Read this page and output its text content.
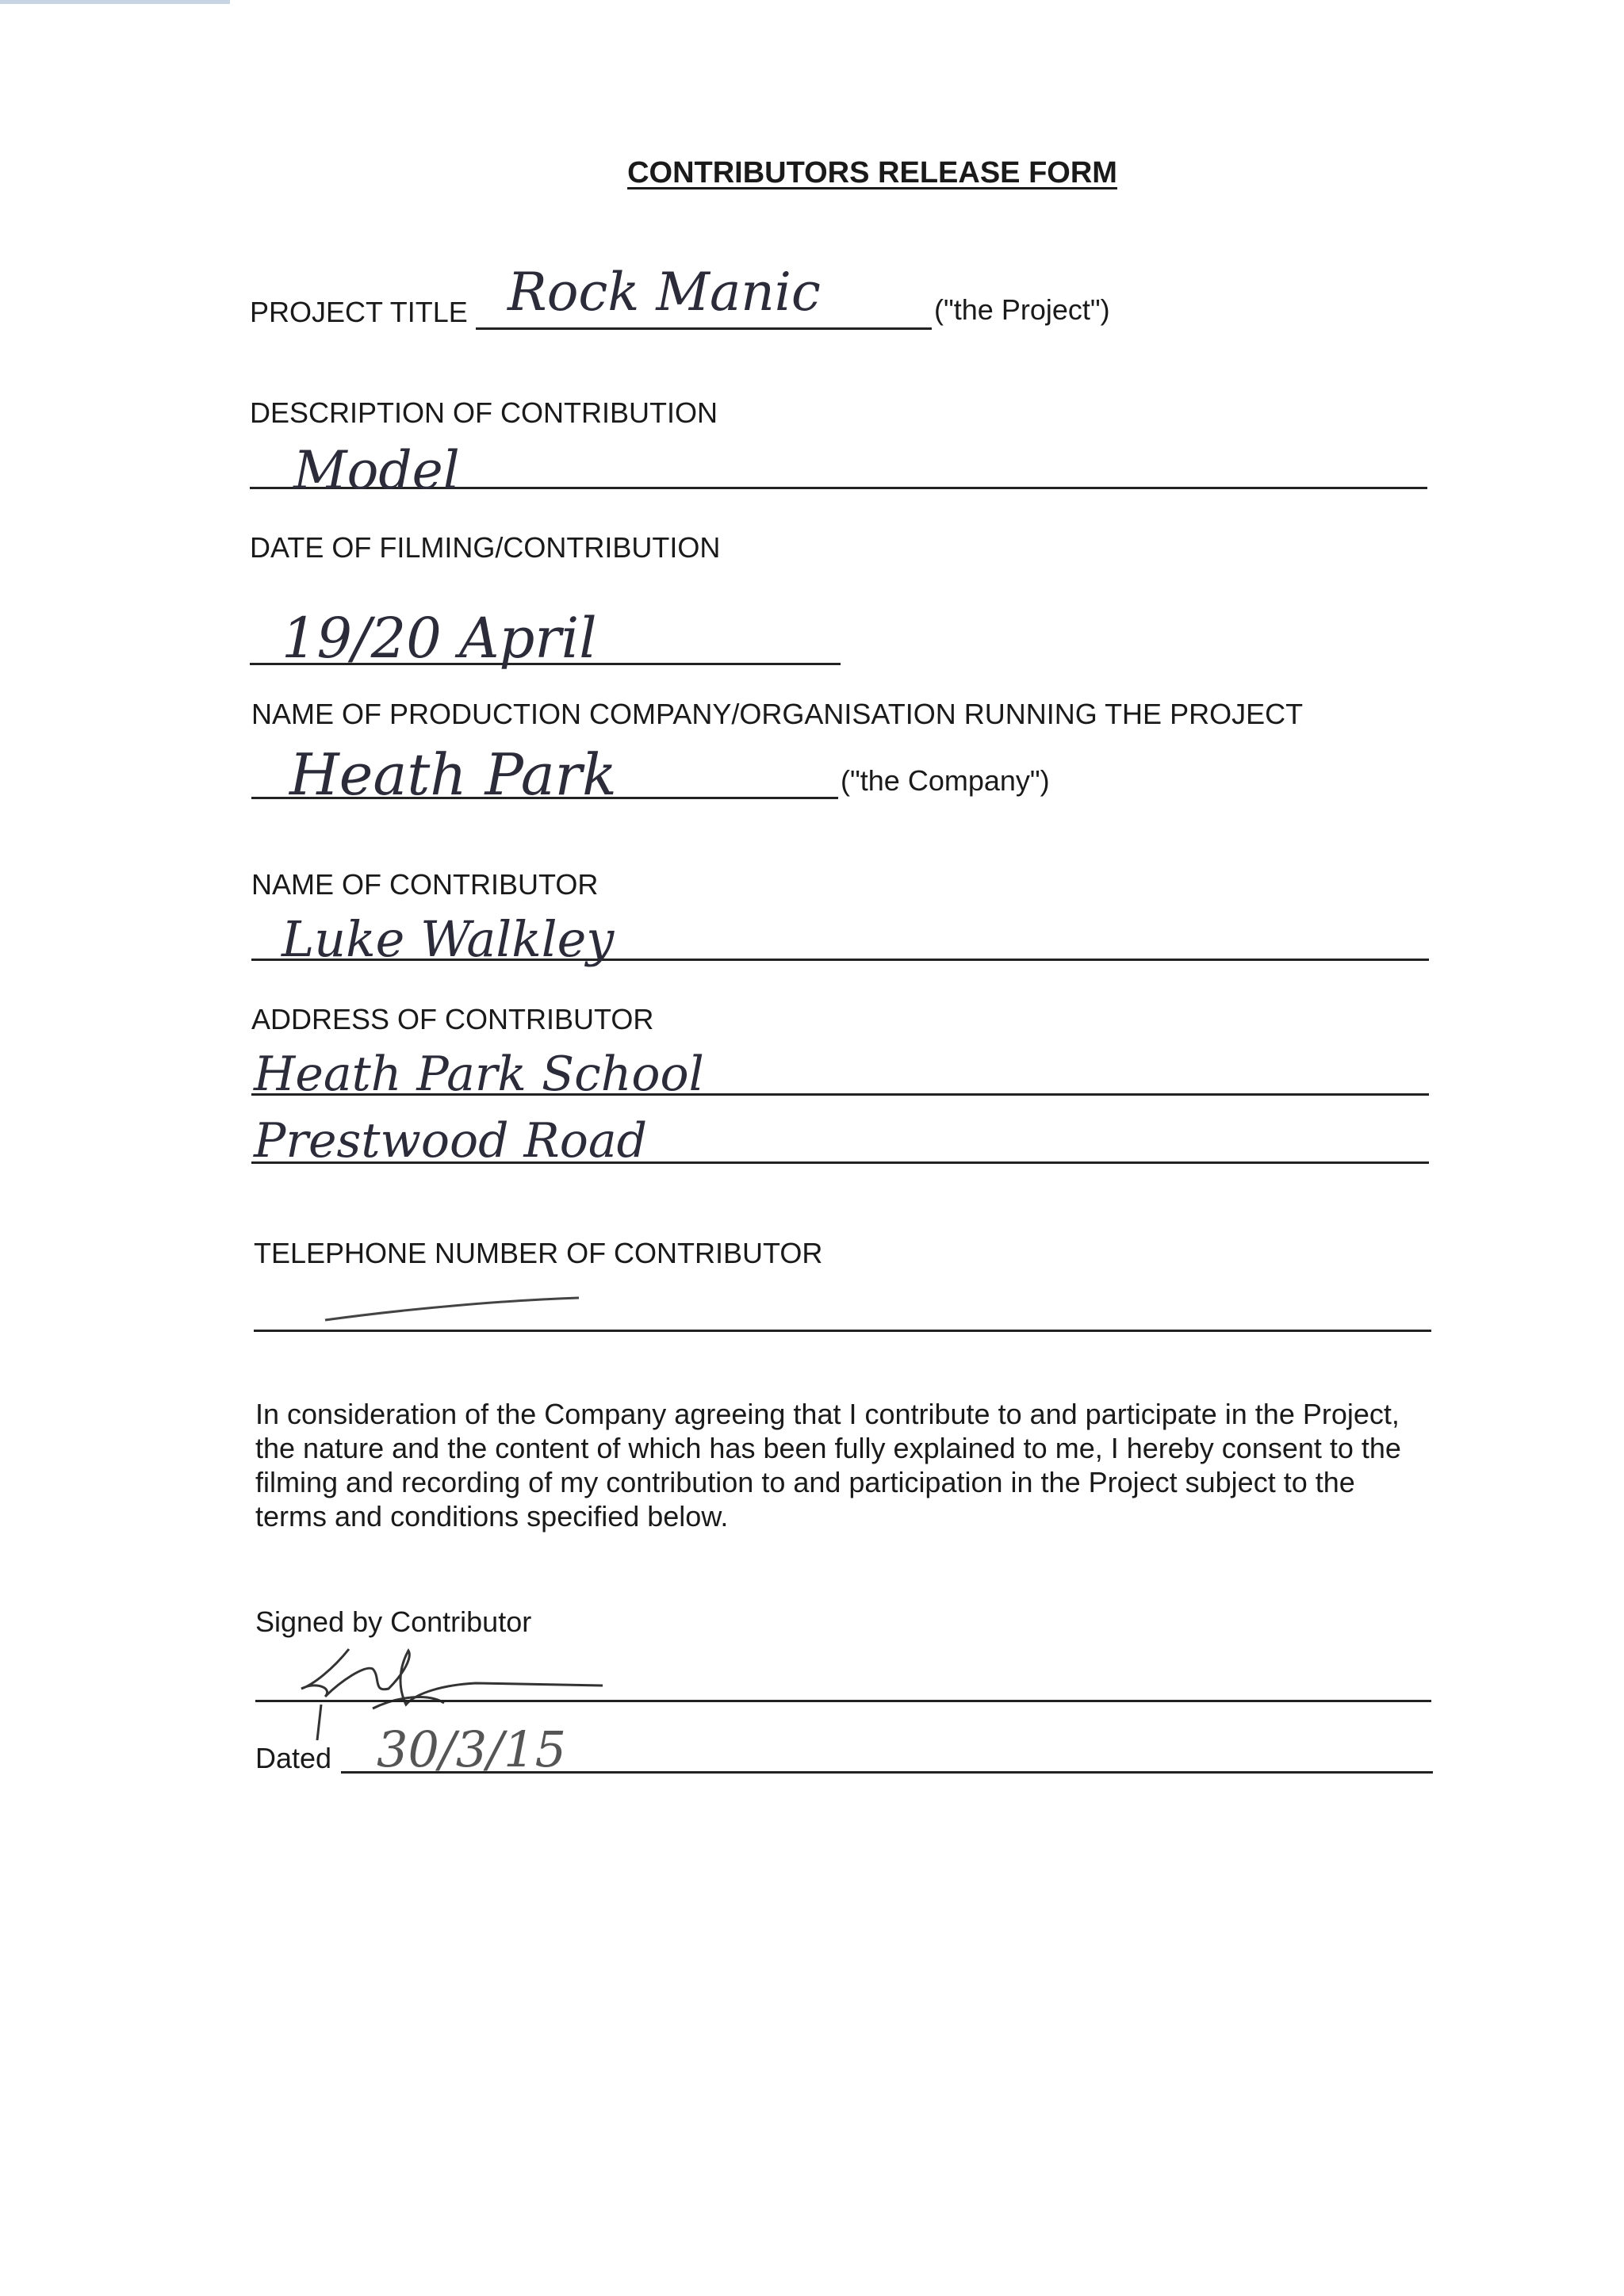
CONTRIBUTORS RELEASE FORM
PROJECT TITLE Rock Manic	("the Project")
DESCRIPTION OF CONTRIBUTION
Model
DATE OF FILMING/CONTRIBUTION
19/20 April
NAME OF PRODUCTION COMPANY/ORGANISATION RUNNING THE PROJECT
Heath Park	("the Company")
NAME OF CONTRIBUTOR
Luke Walkley
ADDRESS OF CONTRIBUTOR
Heath Park School
Prestwood Road
TELEPHONE NUMBER OF CONTRIBUTOR

In consideration of the Company agreeing that I contribute to and participate in the Project,

the nature and the content of which has been fully explained to me, I hereby consent to the

filming and recording of my contribution to and participation in the Project subject to the

terms and conditions specified below.

Signed by Contributor
Dated 30/3/15
